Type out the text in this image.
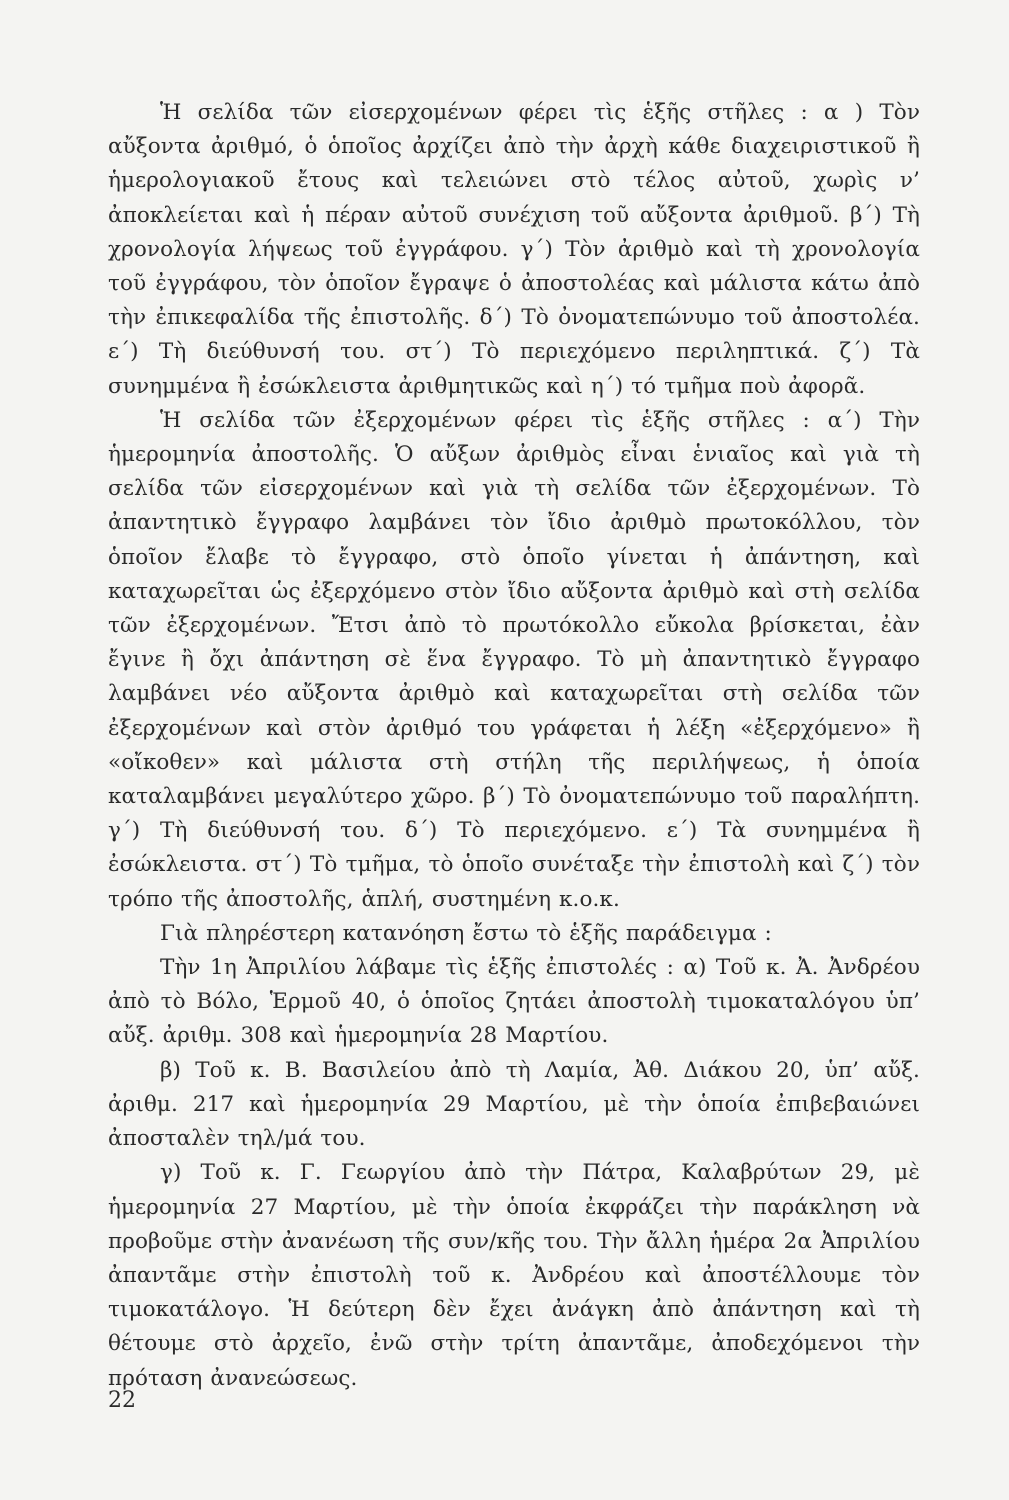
Ἡ σελίδα τῶν εἰσερχομένων φέρει τὶς ἑξῆς στῆλες : α ) Τὸν αὔξοντα ἀριθμό, ὁ ὁποῖος ἀρχίζει ἀπὸ τὴν ἀρχὴ κάθε διαχειριστικοῦ ἢ ἡμερολογιακοῦ ἔτους καὶ τελειώνει στὸ τέλος αὐτοῦ, χωρὶς ν’ ἀποκλείεται καὶ ἡ πέραν αὐτοῦ συνέχιση τοῦ αὔξοντα ἀριθμοῦ. β΄) Τὴ χρονολογία λήψεως τοῦ ἐγγράφου. γ΄) Τὸν ἀριθμὸ καὶ τὴ χρονολογία τοῦ ἐγγράφου, τὸν ὁποῖον ἔγραψε ὁ ἀποστολέας καὶ μάλιστα κάτω ἀπὸ τὴν ἐπικεφαλίδα τῆς ἐπιστολῆς. δ΄) Τὸ ὀνοματεπώνυμο τοῦ ἀποστολέα. ε΄) Τὴ διεύθυνσή του. στ΄) Τὸ περιεχόμενο περιληπτικά. ζ΄) Τὰ συνημμένα ἢ ἐσώκλειστα ἀριθμητικῶς καὶ η΄) τό τμῆμα ποὺ ἀφορᾶ.

Ἡ σελίδα τῶν ἐξερχομένων φέρει τὶς ἑξῆς στῆλες : α΄) Τὴν ἡμερομηνία ἀποστολῆς. Ὁ αὔξων ἀριθμὸς εἶναι ἑνιαῖος καὶ γιὰ τὴ σελίδα τῶν εἰσερχομένων καὶ γιὰ τὴ σελίδα τῶν ἐξερχομένων. Τὸ ἀπαντητικὸ ἔγγραφο λαμβάνει τὸν ἴδιο ἀριθμὸ πρωτοκόλλου, τὸν ὁποῖον ἔλαβε τὸ ἔγγραφο, στὸ ὁποῖο γίνεται ἡ ἀπάντηση, καὶ καταχωρεῖται ὡς ἐξερχόμενο στὸν ἴδιο αὔξοντα ἀριθμὸ καὶ στὴ σελίδα τῶν ἐξερχομένων. Ἔτσι ἀπὸ τὸ πρωτόκολλο εὔκολα βρίσκεται, ἐὰν ἔγινε ἢ ὄχι ἀπάντηση σὲ ἕνα ἔγγραφο. Τὸ μὴ ἀπαντητικὸ ἔγγραφο λαμβάνει νέο αὔξοντα ἀριθμὸ καὶ καταχωρεῖται στὴ σελίδα τῶν ἐξερχομένων καὶ στὸν ἀριθμό του γράφεται ἡ λέξη «ἐξερχόμενο» ἢ «οἴκοθεν» καὶ μάλιστα στὴ στήλη τῆς περιλήψεως, ἡ ὁποία καταλαμβάνει μεγαλύτερο χῶρο. β΄) Τὸ ὀνοματεπώνυμο τοῦ παραλήπτη. γ΄) Τὴ διεύθυνσή του. δ΄) Τὸ περιεχόμενο. ε΄) Τὰ συνημμένα ἢ ἐσώκλειστα. στ΄) Τὸ τμῆμα, τὸ ὁποῖο συνέταξε τὴν ἐπιστολὴ καὶ ζ΄) τὸν τρόπο τῆς ἀποστολῆς, ἁπλή, συστημένη κ.ο.κ.

Γιὰ πληρέστερη κατανόηση ἔστω τὸ ἑξῆς παράδειγμα :

Τὴν 1η Ἀπριλίου λάβαμε τὶς ἑξῆς ἐπιστολές : α) Τοῦ κ. Ἀ. Ἀνδρέου ἀπὸ τὸ Βόλο, Ἑρμοῦ 40, ὁ ὁποῖος ζητάει ἀποστολὴ τιμοκαταλόγου ὑπ’ αὔξ. ἀριθμ. 308 καὶ ἡμερομηνία 28 Μαρτίου.

β) Τοῦ κ. Β. Βασιλείου ἀπὸ τὴ Λαμία, Ἀθ. Διάκου 20, ὑπ’ αὔξ. ἀριθμ. 217 καὶ ἡμερομηνία 29 Μαρτίου, μὲ τὴν ὁποία ἐπιβεβαιώνει ἀποσταλὲν τηλ/μά του.

γ) Τοῦ κ. Γ. Γεωργίου ἀπὸ τὴν Πάτρα, Καλαβρύτων 29, μὲ ἡμερομηνία 27 Μαρτίου, μὲ τὴν ὁποία ἐκφράζει τὴν παράκληση νὰ προβοῦμε στὴν ἀνανέωση τῆς συν/κῆς του. Τὴν ἄλλη ἡμέρα 2α Ἀπριλίου ἀπαντᾶμε στὴν ἐπιστολὴ τοῦ κ. Ἀνδρέου καὶ ἀποστέλλουμε τὸν τιμοκατάλογο. Ἡ δεύτερη δὲν ἔχει ἀνάγκη ἀπὸ ἀπάντηση καὶ τὴ θέτουμε στὸ ἀρχεῖο, ἐνῶ στὴν τρίτη ἀπαντᾶμε, ἀποδεχόμενοι τὴν πρόταση ἀνανεώσεως.

22
